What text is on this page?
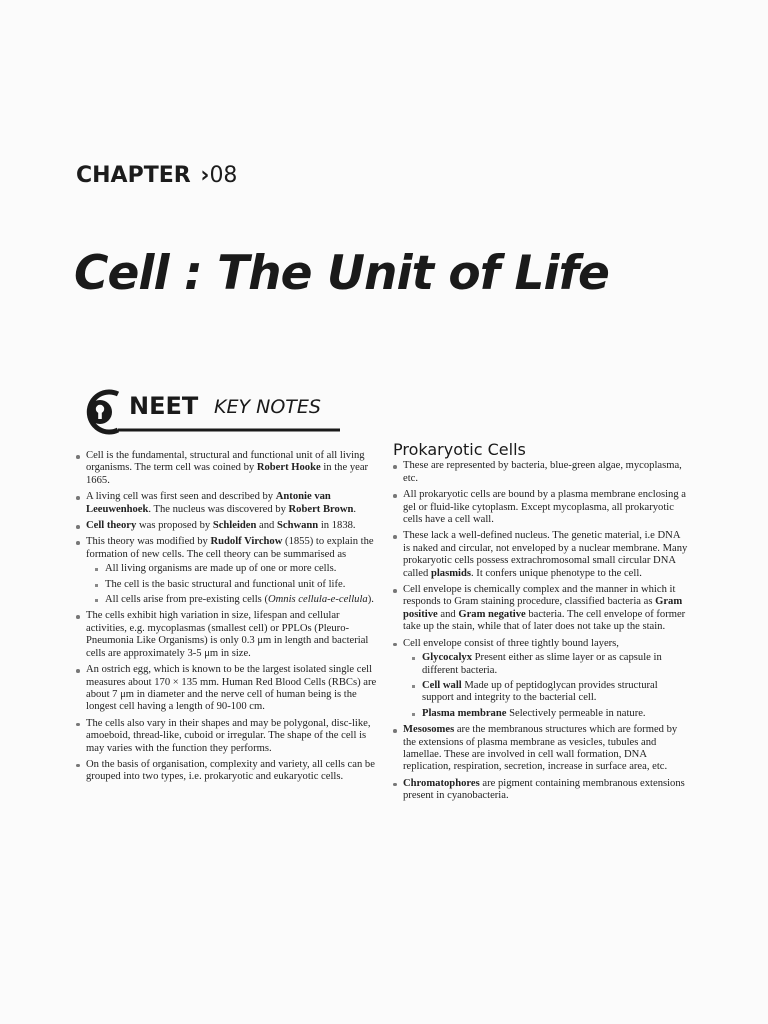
CHAPTER ›08
Cell : The Unit of Life
NEET KEY NOTES
Cell is the fundamental, structural and functional unit of all living organisms. The term cell was coined by Robert Hooke in the year 1665.
A living cell was first seen and described by Antonie van Leeuwenhoek. The nucleus was discovered by Robert Brown.
Cell theory was proposed by Schleiden and Schwann in 1838.
This theory was modified by Rudolf Virchow (1855) to explain the formation of new cells. The cell theory can be summarised as
All living organisms are made up of one or more cells.
The cell is the basic structural and functional unit of life.
All cells arise from pre-existing cells (Omnis cellula-e-cellula).
The cells exhibit high variation in size, lifespan and cellular activities, e.g. mycoplasmas (smallest cell) or PPLOs (Pleuro-Pneumonia Like Organisms) is only 0.3 μm in length and bacterial cells are approximately 3-5 μm in size.
An ostrich egg, which is known to be the largest isolated single cell measures about 170 × 135 mm. Human Red Blood Cells (RBCs) are about 7 μm in diameter and the nerve cell of human being is the longest cell having a length of 90-100 cm.
The cells also vary in their shapes and may be polygonal, disc-like, amoeboid, thread-like, cuboid or irregular. The shape of the cell is may varies with the function they performs.
On the basis of organisation, complexity and variety, all cells can be grouped into two types, i.e. prokaryotic and eukaryotic cells.
Prokaryotic Cells
These are represented by bacteria, blue-green algae, mycoplasma, etc.
All prokaryotic cells are bound by a plasma membrane enclosing a gel or fluid-like cytoplasm. Except mycoplasma, all prokaryotic cells have a cell wall.
These lack a well-defined nucleus. The genetic material, i.e DNA is naked and circular, not enveloped by a nuclear membrane. Many prokaryotic cells possess extrachromosomal small circular DNA called plasmids. It confers unique phenotype to the cell.
Cell envelope is chemically complex and the manner in which it responds to Gram staining procedure, classified bacteria as Gram positive and Gram negative bacteria. The cell envelope of former take up the stain, while that of later does not take up the stain.
Cell envelope consist of three tightly bound layers,
Glycocalyx Present either as slime layer or as capsule in different bacteria.
Cell wall Made up of peptidoglycan provides structural support and integrity to the bacterial cell.
Plasma membrane Selectively permeable in nature.
Mesosomes are the membranous structures which are formed by the extensions of plasma membrane as vesicles, tubules and lamellae. These are involved in cell wall formation, DNA replication, respiration, secretion, increase in surface area, etc.
Chromatophores are pigment containing membranous extensions present in cyanobacteria.
